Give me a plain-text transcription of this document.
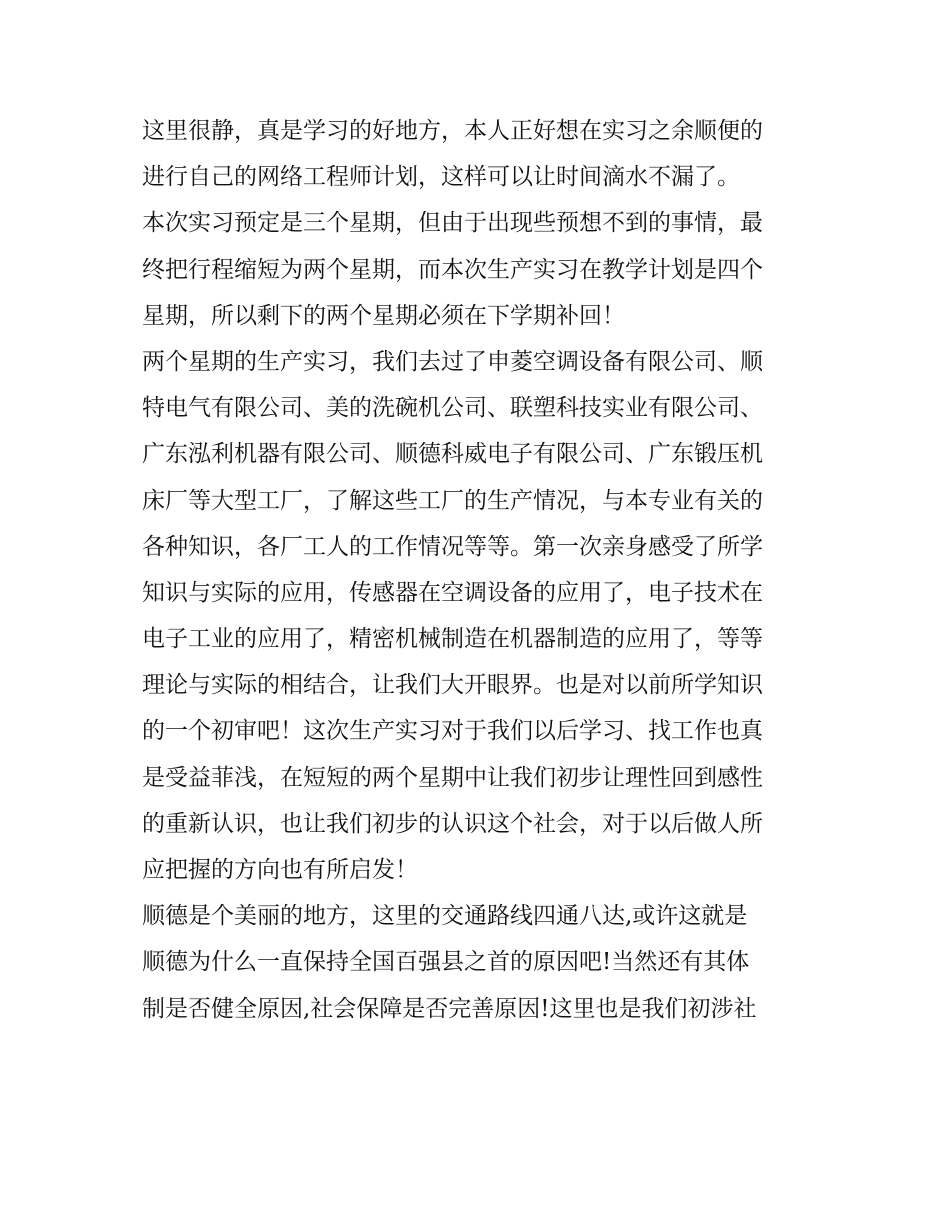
这里很静，真是学习的好地方，本人正好想在实习之余顺便的
进行自己的网络工程师计划，这样可以让时间滴水不漏了。
本次实习预定是三个星期，但由于出现些预想不到的事情，最
终把行程缩短为两个星期，而本次生产实习在教学计划是四个
星期，所以剩下的两个星期必须在下学期补回！
两个星期的生产实习，我们去过了申菱空调设备有限公司、顺
特电气有限公司、美的洗碗机公司、联塑科技实业有限公司、
广东泓利机器有限公司、顺德科威电子有限公司、广东锻压机
床厂等大型工厂，了解这些工厂的生产情况，与本专业有关的
各种知识，各厂工人的工作情况等等。第一次亲身感受了所学
知识与实际的应用，传感器在空调设备的应用了，电子技术在
电子工业的应用了，精密机械制造在机器制造的应用了，等等
理论与实际的相结合，让我们大开眼界。也是对以前所学知识
的一个初审吧！这次生产实习对于我们以后学习、找工作也真
是受益菲浅，在短短的两个星期中让我们初步让理性回到感性
的重新认识，也让我们初步的认识这个社会，对于以后做人所
应把握的方向也有所启发！
顺德是个美丽的地方，这里的交通路线四通八达,或许这就是
顺德为什么一直保持全国百强县之首的原因吧!当然还有其体
制是否健全原因,社会保障是否完善原因!这里也是我们初涉社
